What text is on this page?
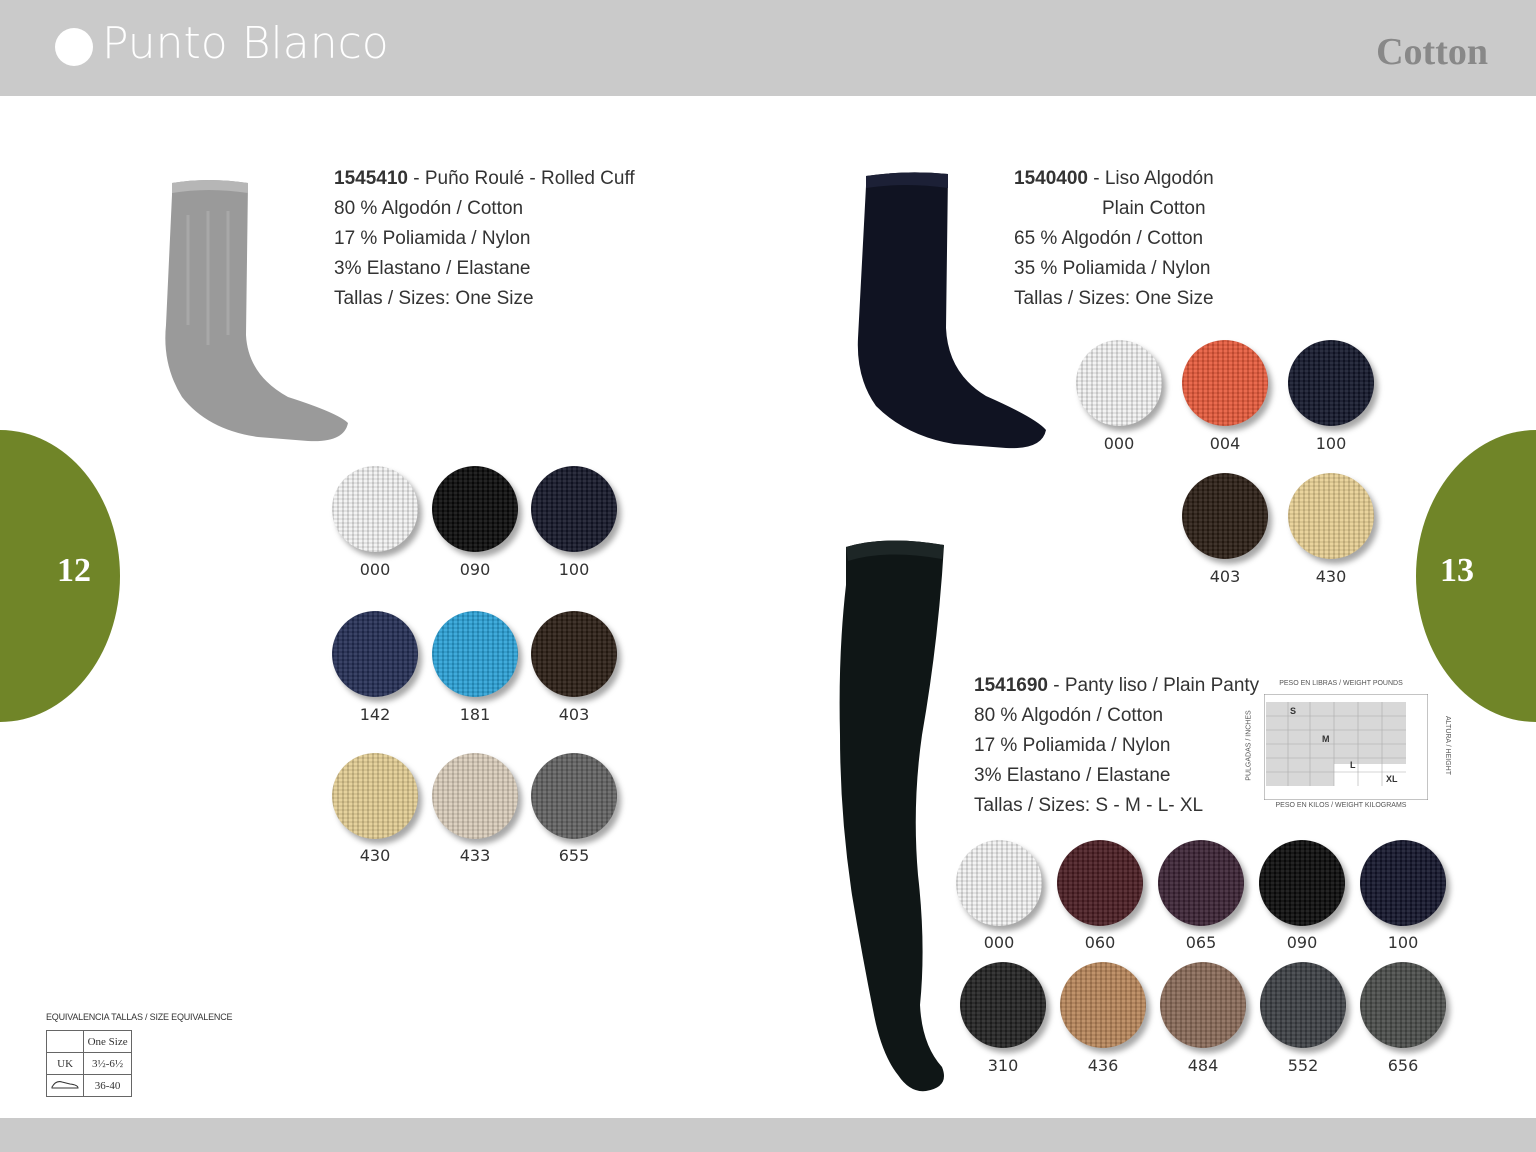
Punto Blanco	Cotton
12	13
1545410 - Puño Roulé - Rolled Cuff
80 % Algodón / Cotton
17 % Poliamida / Nylon
3% Elastano / Elastane
Tallas / Sizes: One Size
1540400 - Liso Algodón
Plain Cotton
65 % Algodón / Cotton
35 % Poliamida / Nylon
Tallas / Sizes: One Size
1541690 - Panty liso / Plain Panty
80 % Algodón / Cotton
17 % Poliamida / Nylon
3% Elastano / Elastane
Tallas / Sizes: S - M - L- XL
000	090	100
142	181	403
430	433	655
000	004	100
403	430
000	060	065	090	100
310	436	484	552	656
PESO EN LIBRAS / WEIGHT POUNDS
PULGADAS / INCHES	ALTURA / HEIGHT
S
M
L
XL
PESO EN KILOS / WEIGHT KILOGRAMS
EQUIVALENCIA TALLAS / SIZE EQUIVALENCE
	One Size
UK	3½-6½
	36-40
